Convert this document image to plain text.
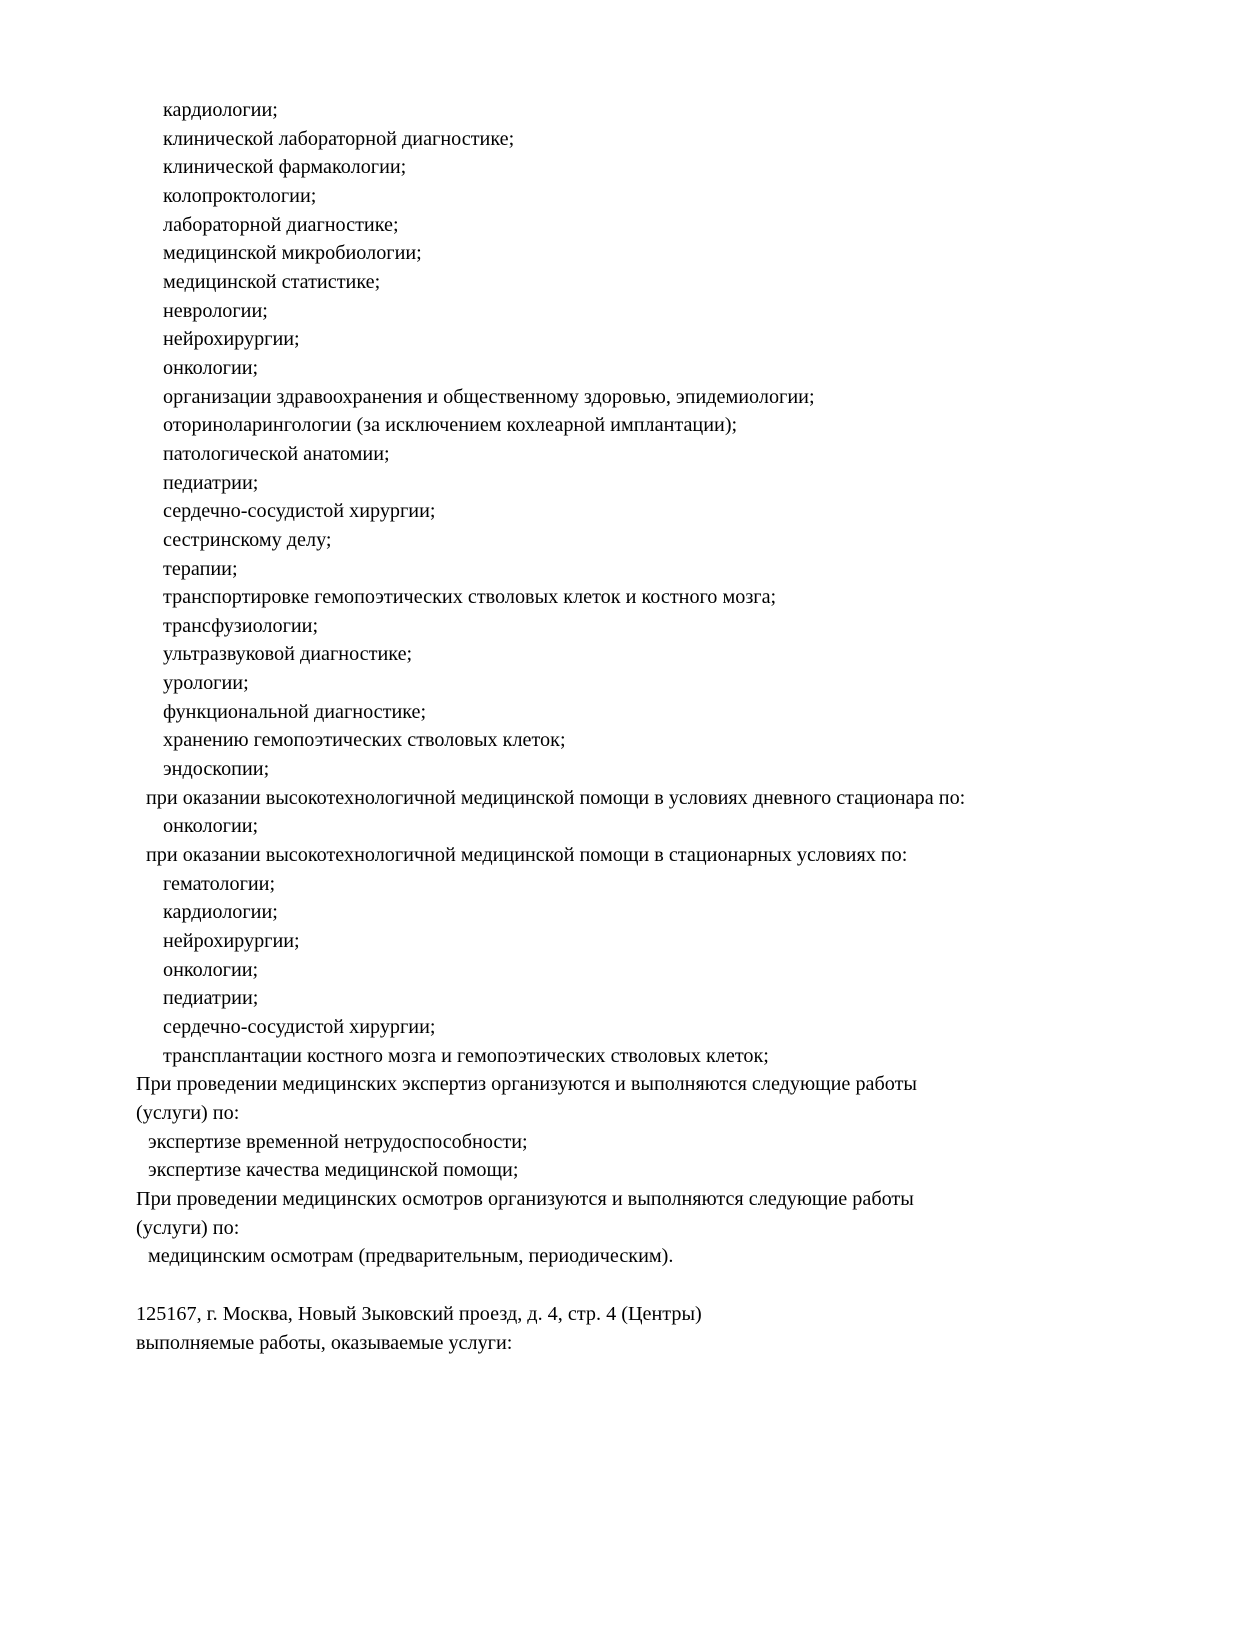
кардиологии;
клинической лабораторной диагностике;
клинической фармакологии;
колопроктологии;
лабораторной диагностике;
медицинской микробиологии;
медицинской статистике;
неврологии;
нейрохирургии;
онкологии;
организации здравоохранения и общественному здоровью, эпидемиологии;
оториноларингологии (за исключением кохлеарной имплантации);
патологической анатомии;
педиатрии;
сердечно-сосудистой хирургии;
сестринскому делу;
терапии;
транспортировке гемопоэтических стволовых клеток и костного мозга;
трансфузиологии;
ультразвуковой диагностике;
урологии;
функциональной диагностике;
хранению гемопоэтических стволовых клеток;
эндоскопии;
при оказании высокотехнологичной медицинской помощи в условиях дневного стационара по:
онкологии;
при оказании высокотехнологичной медицинской помощи в стационарных условиях по:
гематологии;
кардиологии;
нейрохирургии;
онкологии;
педиатрии;
сердечно-сосудистой хирургии;
трансплантации костного мозга и гемопоэтических стволовых клеток;
При проведении медицинских экспертиз организуются и выполняются следующие работы
(услуги) по:
экспертизе временной нетрудоспособности;
экспертизе качества медицинской помощи;
При проведении медицинских осмотров организуются и выполняются следующие работы
(услуги) по:
медицинским осмотрам (предварительным, периодическим).
125167, г. Москва, Новый Зыковский проезд, д. 4, стр. 4 (Центры)
выполняемые работы, оказываемые услуги:
